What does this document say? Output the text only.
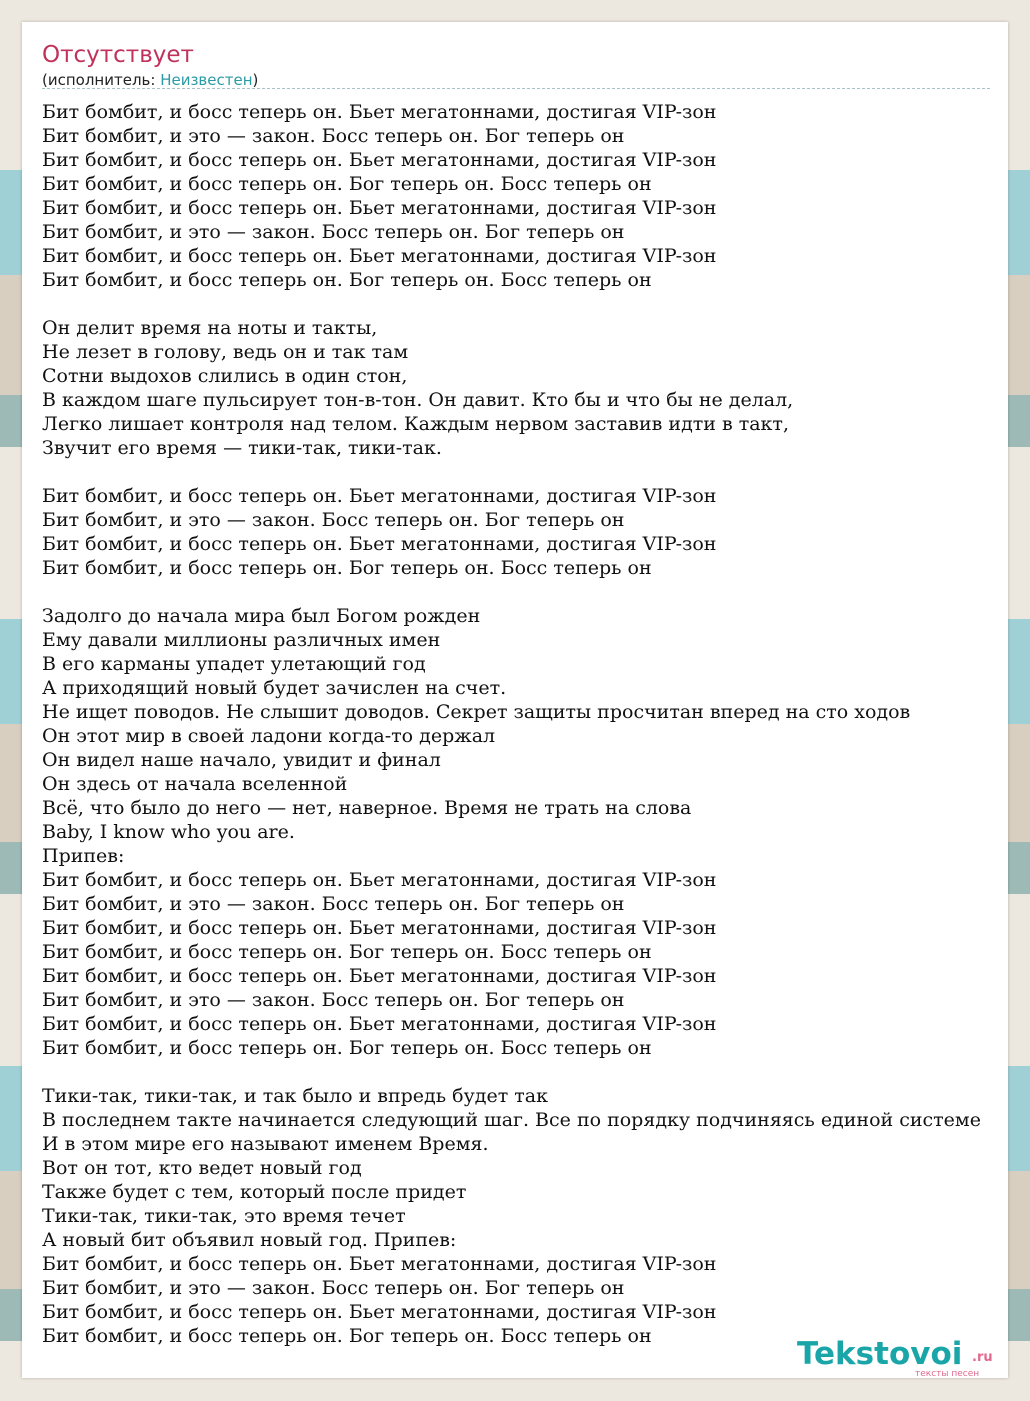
Отсутствует
(исполнитель: Неизвестен)
Бит бомбит, и босс теперь он. Бьет мегатоннами, достигая VIP-зон
Бит бомбит, и это — закон. Босс теперь он. Бог теперь он
Бит бомбит, и босс теперь он. Бьет мегатоннами, достигая VIP-зон
Бит бомбит, и босс теперь он. Бог теперь он. Босс теперь он
Бит бомбит, и босс теперь он. Бьет мегатоннами, достигая VIP-зон
Бит бомбит, и это — закон. Босс теперь он. Бог теперь он
Бит бомбит, и босс теперь он. Бьет мегатоннами, достигая VIP-зон
Бит бомбит, и босс теперь он. Бог теперь он. Босс теперь он
Он делит время на ноты и такты,
Не лезет в голову, ведь он и так там
Сотни выдохов слились в один стон,
В каждом шаге пульсирует тон-в-тон. Он давит. Кто бы и что бы не делал,
Легко лишает контроля над телом. Каждым нервом заставив идти в такт,
Звучит его время — тики-так, тики-так.
Бит бомбит, и босс теперь он. Бьет мегатоннами, достигая VIP-зон
Бит бомбит, и это — закон. Босс теперь он. Бог теперь он
Бит бомбит, и босс теперь он. Бьет мегатоннами, достигая VIP-зон
Бит бомбит, и босс теперь он. Бог теперь он. Босс теперь он
Задолго до начала мира был Богом рожден
Ему давали миллионы различных имен
В его карманы упадет улетающий год
А приходящий новый будет зачислен на счет.
Не ищет поводов. Не слышит доводов. Секрет защиты просчитан вперед на сто ходов
Он этот мир в своей ладони когда-то держал
Он видел наше начало, увидит и финал
Он здесь от начала вселенной
Всё, что было до него — нет, наверное. Время не трать на слова
Baby, I know who you are.
Припев:
Бит бомбит, и босс теперь он. Бьет мегатоннами, достигая VIP-зон
Бит бомбит, и это — закон. Босс теперь он. Бог теперь он
Бит бомбит, и босс теперь он. Бьет мегатоннами, достигая VIP-зон
Бит бомбит, и босс теперь он. Бог теперь он. Босс теперь он
Бит бомбит, и босс теперь он. Бьет мегатоннами, достигая VIP-зон
Бит бомбит, и это — закон. Босс теперь он. Бог теперь он
Бит бомбит, и босс теперь он. Бьет мегатоннами, достигая VIP-зон
Бит бомбит, и босс теперь он. Бог теперь он. Босс теперь он
Тики-так, тики-так, и так было и впредь будет так
В последнем такте начинается следующий шаг. Все по порядку подчиняясь единой системе
И в этом мире его называют именем Время.
Вот он тот, кто ведет новый год
Также будет с тем, который после придет
Тики-так, тики-так, это время течет
А новый бит объявил новый год. Припев:
Бит бомбит, и босс теперь он. Бьет мегатоннами, достигая VIP-зон
Бит бомбит, и это — закон. Босс теперь он. Бог теперь он
Бит бомбит, и босс теперь он. Бьет мегатоннами, достигая VIP-зон
Бит бомбит, и босс теперь он. Бог теперь он. Босс теперь он	Tekstovoi .ru
тексты песен
